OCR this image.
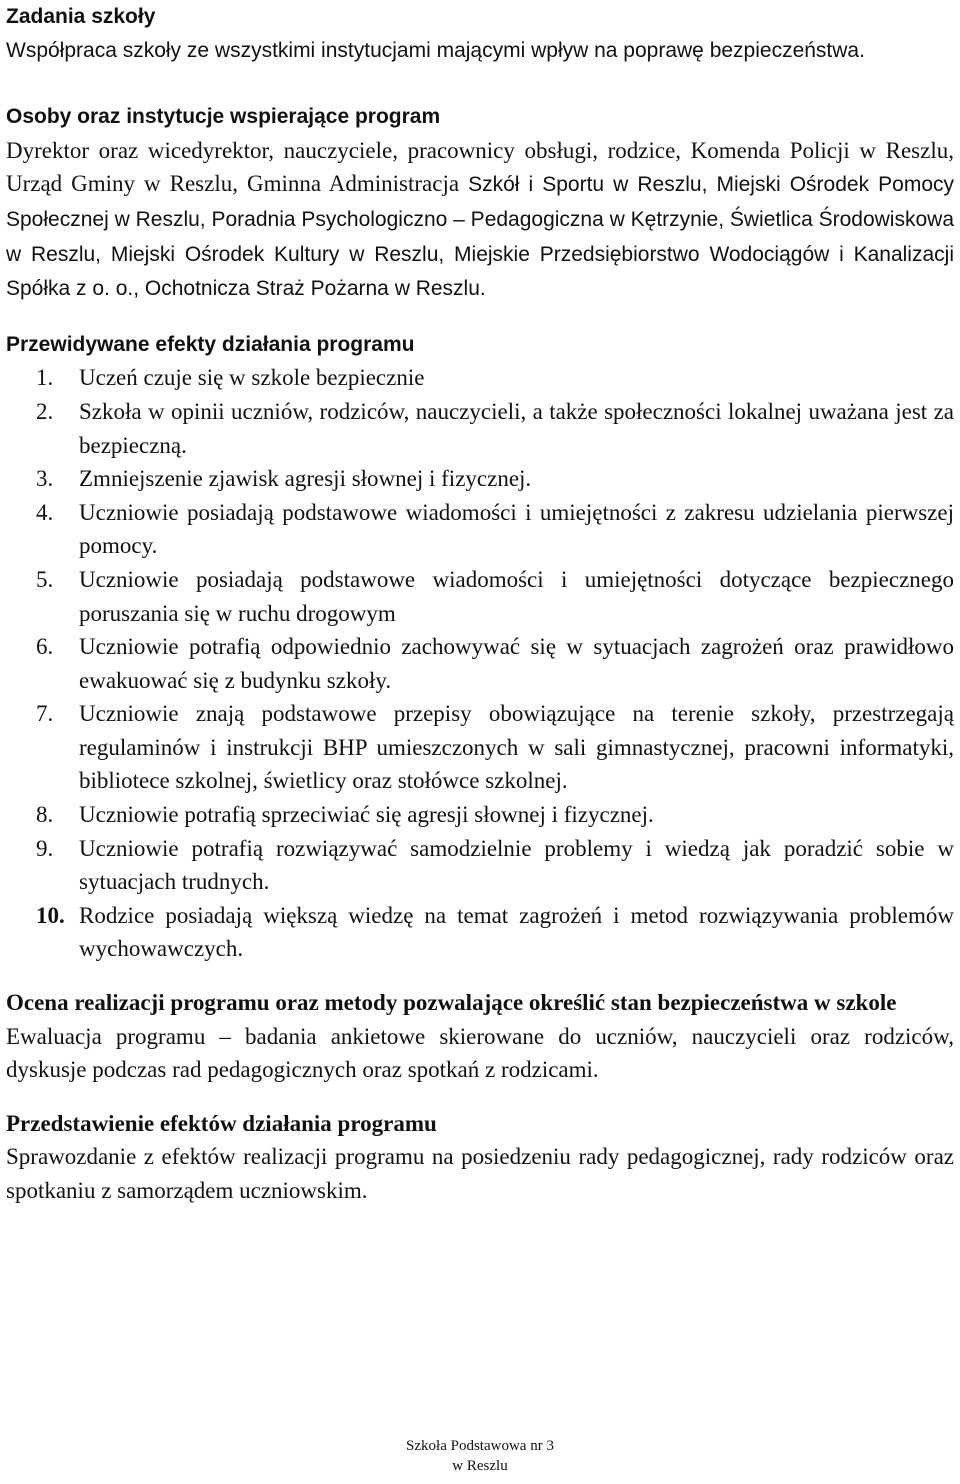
Zadania szkoły

Współpraca szkoły ze wszystkimi instytucjami mającymi wpływ na poprawę bezpieczeństwa.

Osoby oraz instytucje wspierające program

Dyrektor oraz wicedyrektor, nauczyciele, pracownicy obsługi, rodzice, Komenda Policji w Reszlu, Urząd Gminy w Reszlu, Gminna Administracja Szkół i Sportu w Reszlu, Miejski Ośrodek Pomocy Społecznej w Reszlu, Poradnia Psychologiczno – Pedagogiczna w Kętrzynie, Świetlica Środowiskowa w Reszlu, Miejski Ośrodek Kultury w Reszlu, Miejskie Przedsiębiorstwo Wodociągów i Kanalizacji Spółka z o. o., Ochotnicza Straż Pożarna w Reszlu.

Przewidywane efekty działania programu
1.	Uczeń czuje się w szkole bezpiecznie
2.	Szkoła w opinii uczniów, rodziców, nauczycieli, a także społeczności lokalnej uważana jest za bezpieczną.
3.	Zmniejszenie zjawisk agresji słownej i fizycznej.
4.	Uczniowie posiadają podstawowe wiadomości i umiejętności z zakresu udzielania pierwszej pomocy.
5.	Uczniowie posiadają podstawowe wiadomości i umiejętności dotyczące bezpiecznego poruszania się w ruchu drogowym
6.	Uczniowie potrafią odpowiednio zachowywać się w sytuacjach zagrożeń oraz prawidłowo ewakuować się z budynku szkoły.
7.	Uczniowie znają podstawowe przepisy obowiązujące na terenie szkoły, przestrzegają regulaminów i instrukcji BHP umieszczonych w sali gimnastycznej, pracowni informatyki, bibliotece szkolnej, świetlicy oraz stołówce szkolnej.
8.	Uczniowie potrafią sprzeciwiać się agresji słownej i fizycznej.
9.	Uczniowie potrafią rozwiązywać samodzielnie problemy i wiedzą jak poradzić sobie w sytuacjach trudnych.
10. Rodzice posiadają większą wiedzę na temat zagrożeń i metod rozwiązywania problemów wychowawczych.
Ocena realizacji programu oraz metody pozwalające określić stan bezpieczeństwa w szkole

Ewaluacja programu – badania ankietowe skierowane do uczniów, nauczycieli oraz rodziców, dyskusje podczas rad pedagogicznych oraz spotkań z rodzicami.

Przedstawienie efektów działania programu

Sprawozdanie z efektów realizacji programu na posiedzeniu rady pedagogicznej, rady rodziców oraz spotkaniu z samorządem uczniowskim.

Szkoła Podstawowa nr 3
w Reszlu
